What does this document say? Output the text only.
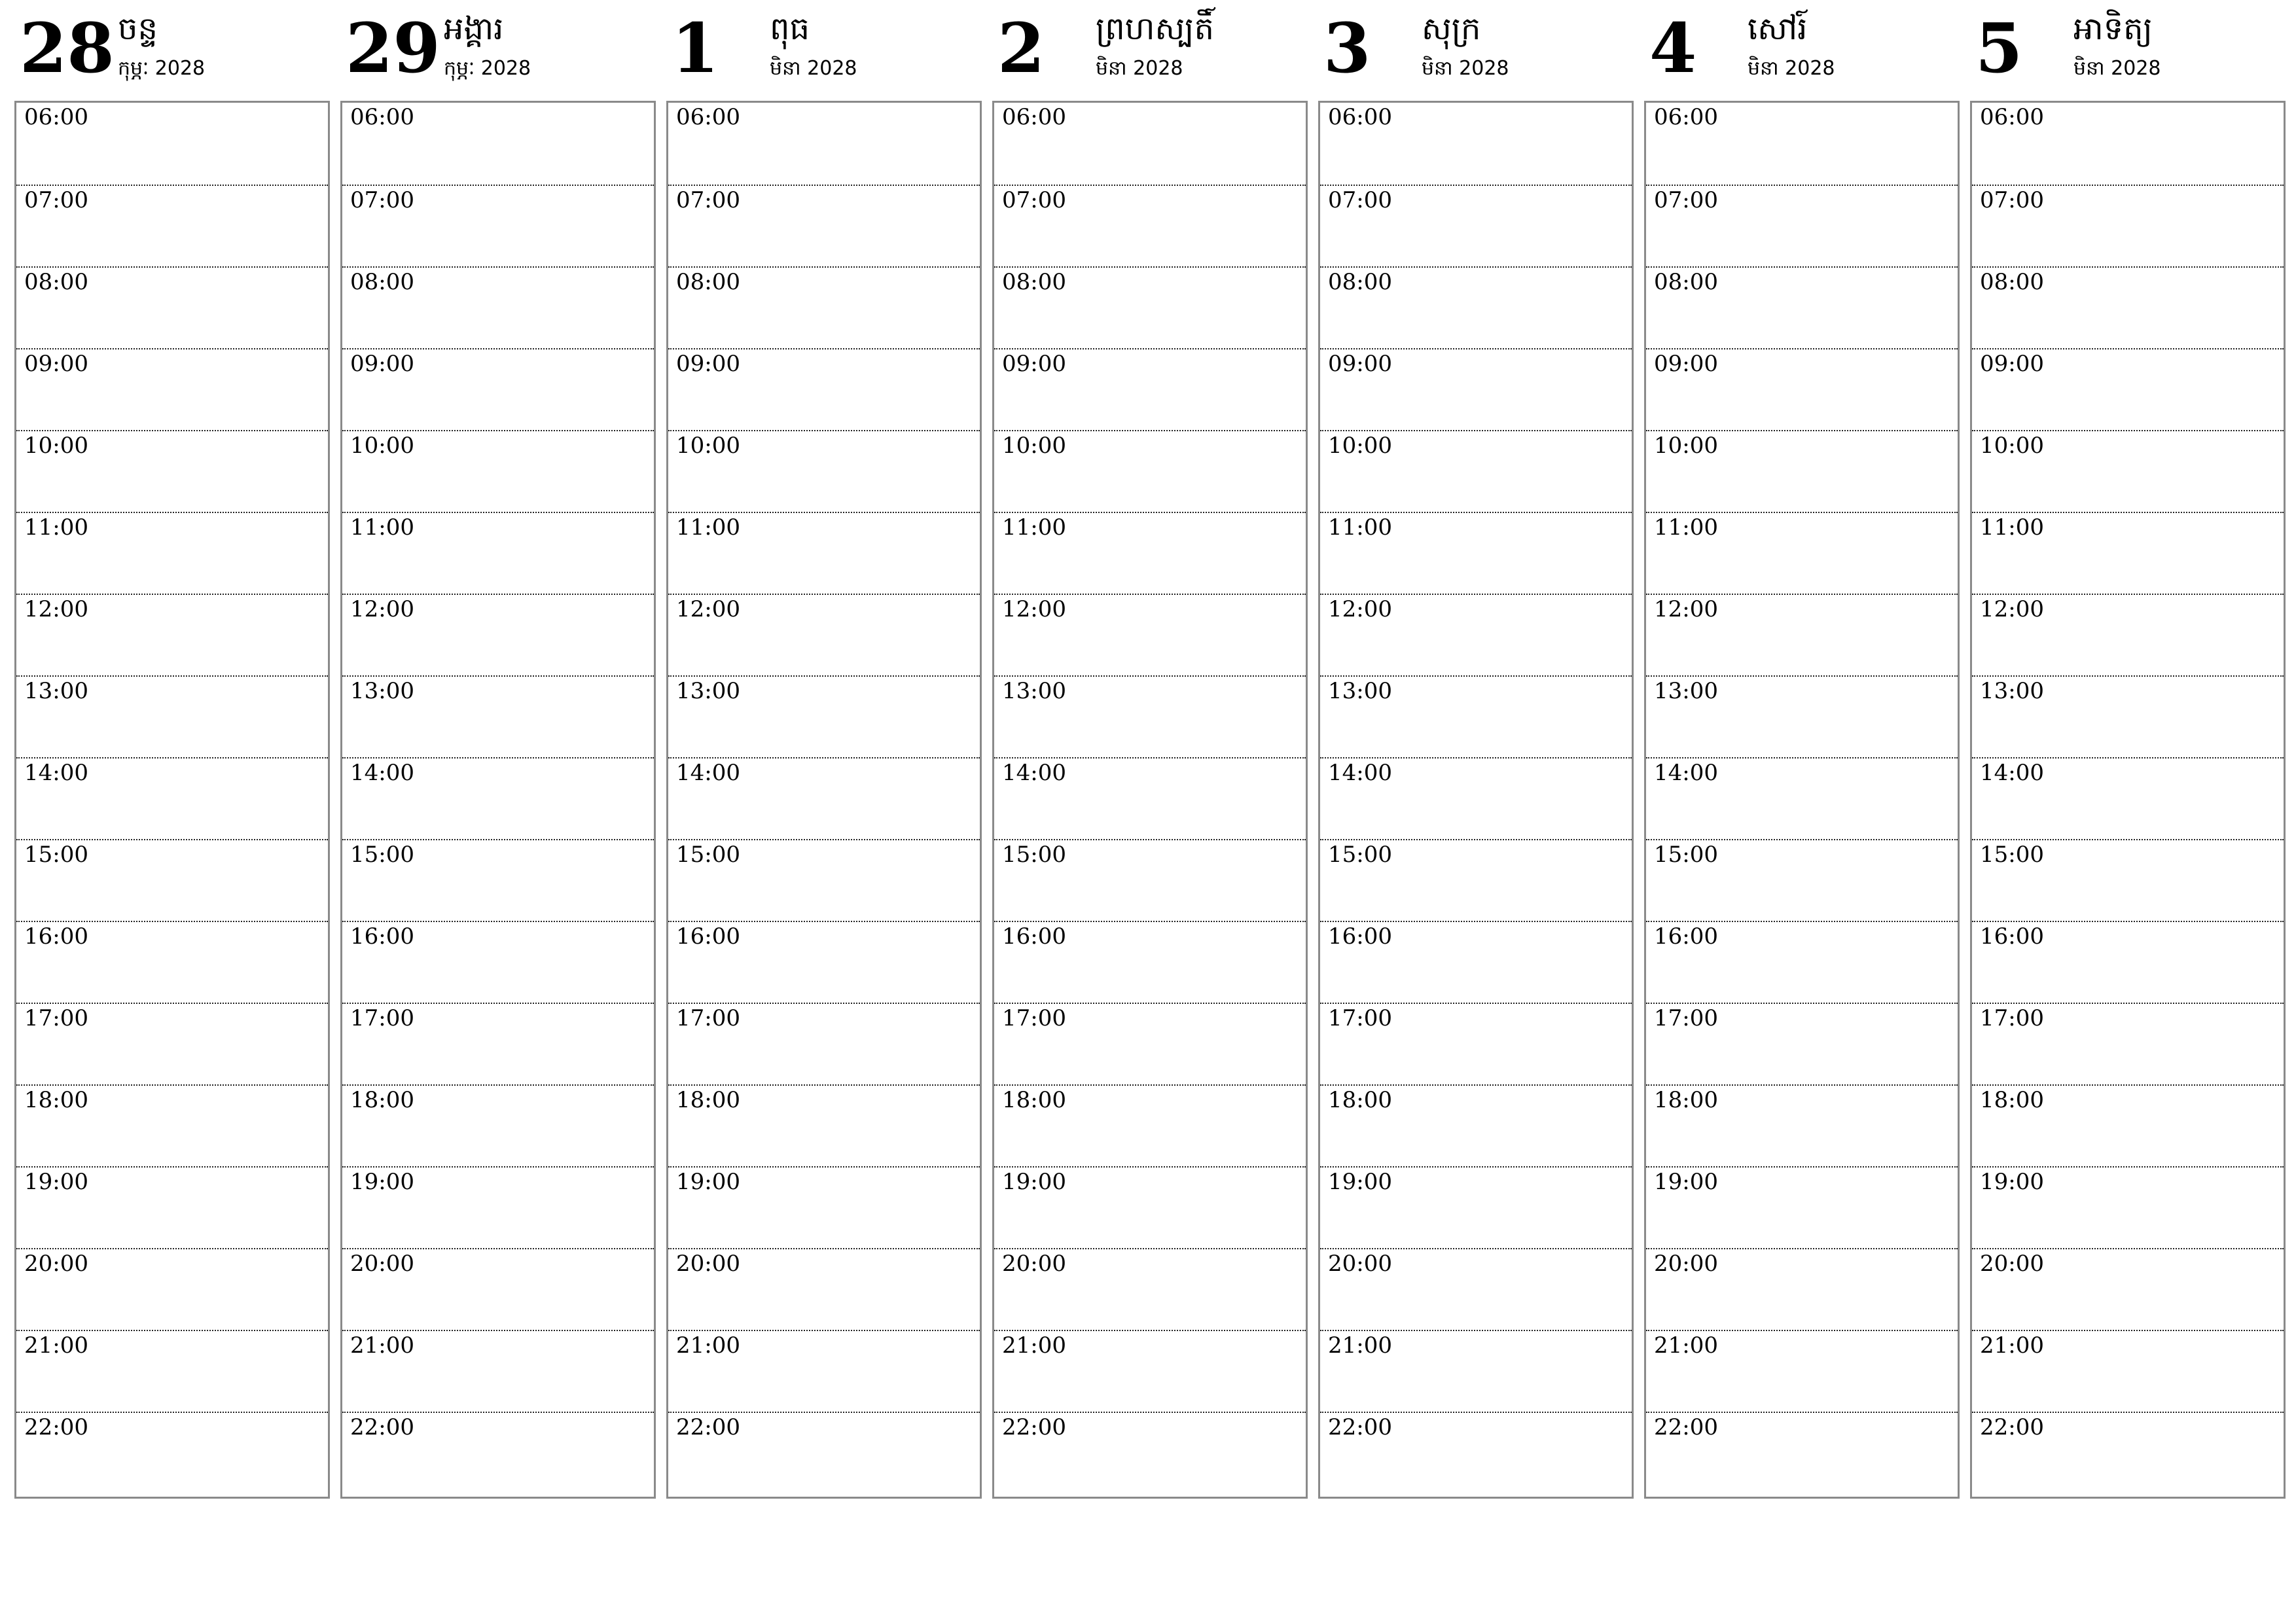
28 ចន្ទ
កុម្ភៈ 2028
06:00
07:00
08:00
09:00
10:00
11:00
12:00
13:00
14:00
15:00
16:00
17:00
18:00
19:00
20:00
21:00
22:00
29 អង្គារ
កុម្ភៈ 2028
06:00
07:00
08:00
09:00
10:00
11:00
12:00
13:00
14:00
15:00
16:00
17:00
18:00
19:00
20:00
21:00
22:00
1 ពុធ
មិនា 2028
06:00
07:00
08:00
09:00
10:00
11:00
12:00
13:00
14:00
15:00
16:00
17:00
18:00
19:00
20:00
21:00
22:00
2 ព្រហស្បតិ៍
មិនា 2028
06:00
07:00
08:00
09:00
10:00
11:00
12:00
13:00
14:00
15:00
16:00
17:00
18:00
19:00
20:00
21:00
22:00
3 សុក្រ
មិនា 2028
06:00
07:00
08:00
09:00
10:00
11:00
12:00
13:00
14:00
15:00
16:00
17:00
18:00
19:00
20:00
21:00
22:00
4 សៅរ៍
មិនា 2028
06:00
07:00
08:00
09:00
10:00
11:00
12:00
13:00
14:00
15:00
16:00
17:00
18:00
19:00
20:00
21:00
22:00
5 អាទិត្យ
មិនា 2028
06:00
07:00
08:00
09:00
10:00
11:00
12:00
13:00
14:00
15:00
16:00
17:00
18:00
19:00
20:00
21:00
22:00
